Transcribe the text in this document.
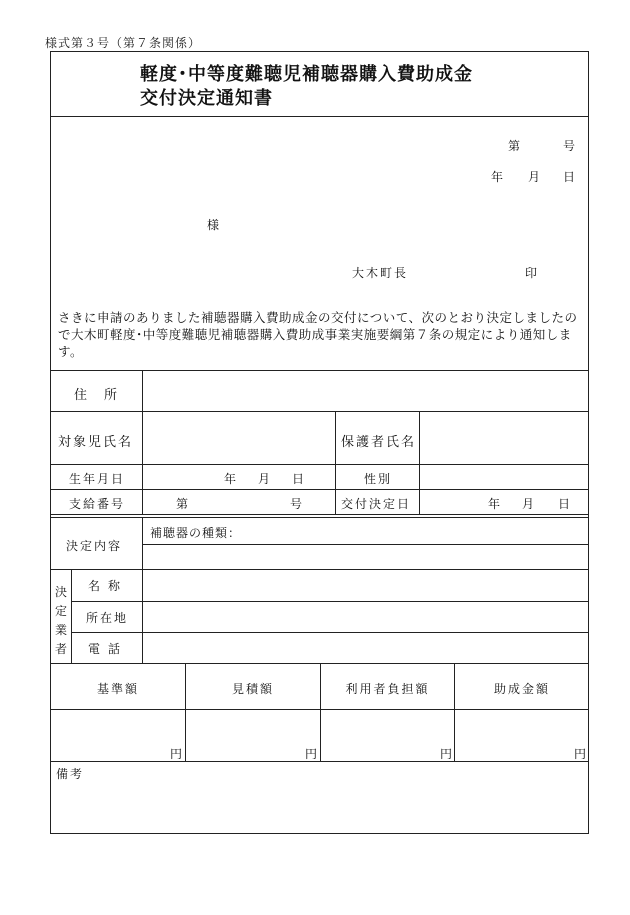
様式第３号（第７条関係）
軽度･中等度難聴児補聴器購入費助成金
交付決定通知書
第	号
年 月 日
様
大木町長	印
さきに申請のありました補聴器購入費助成金の交付について、次のとおり決定しましたので大木町軽度･中等度難聴児補聴器購入費助成事業実施要綱第７条の規定により通知します。
住　所
対象児氏名	保護者氏名
生年月日	年 月 日	性別
支給番号	第	号	交付決定日	年 月 日
決定内容
補聴器の種類：
決定業者
名称
所在地
電話
基準額	見積額	利用者負担額	助成金額
円	円	円	円
備考
